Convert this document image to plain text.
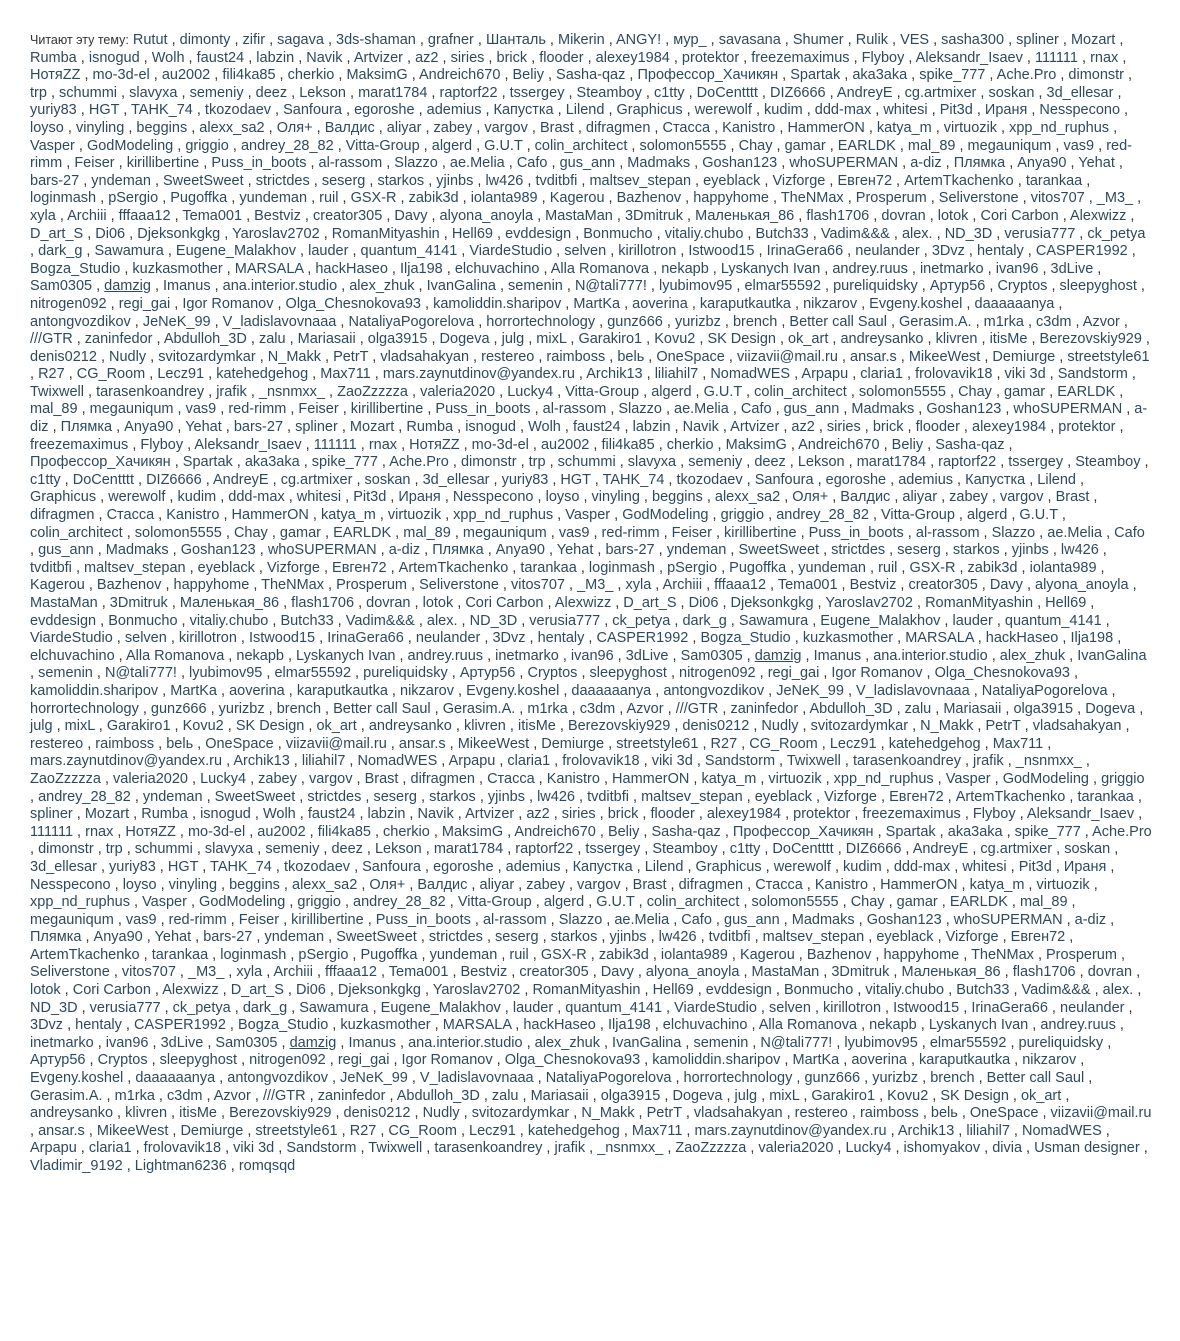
Читают эту тему: Rutut , dimonty , zifir , sagava , 3ds-shaman , grafner , Шанталь , Mikerin , ANGY! , мур_ , savasana , Shumer , Rulik , VES , sasha300 , spliner , Mozart , Rumba , isnogud , Wolh , faust24 , labzin , Navik , Artvizer , az2 , siries , brick , flooder , alexey1984 , protektor , freezemaximus , Flyboy , Aleksandr_Isaev , 111111 , rnax , НотяZZ , mo-3d-el , au2002 , fili4ka85 , cherkio , MaksimG , Andreich670 , Beliy , Sasha-qaz , Профессор_Хачикян , Spartak , aka3aka , spike_777 , Ache.Pro , dimonstr , trp , schummi , slavyxa , semeniy , deez , Lekson , marat1784 , raptorf22 , tssergey , Steamboy , c1tty , DoCentttt , DIZ6666 , AndreyE , cg.artmixer , soskan , 3d_ellesar , yuriy83 , HGT , TAHK_74 , tkozodaev , Sanfoura , egoroshe , ademius , Капустка , Lilend , Graphicus , werewolf , kudim , ddd-max , whitesi , Pit3d , Ираня , Nesspecono , loyso , vinyling , beggins , alexx_sa2 , Оля+ , Валдис , aliyar , zabey , vargov , Brast , difragmen , Стасса , Kanistro , HammerON , katya_m , virtuozik , xpp_nd_ruphus , Vasper , GodModeling , griggio , andrey_28_82 , Vitta-Group , algerd , G.U.T , colin_architect , solomon5555 , Chay , gamar , EARLDK , mal_89 , megauniqum , vas9 , red-rimm , Feiser , kirillibertine , Puss_in_boots , al-rassom , Slazzo , ae.Melia , Cafo , gus_ann , Madmaks , Goshan123 , whoSUPERMAN , a-diz , Плямка , Anya90 , Yehat , bars-27 , yndeman , SweetSweet , strictdes , seserg , starkos , yjinbs , lw426 , tvditbfi , maltsev_stepan , eyeblack , Vizforge , Евген72 , ArtemTkachenko , tarankaa , loginmash , pSergio , Pugoffka , yundeman , ruil , GSX-R , zabik3d , iolanta989 , Kagerou , Bazhenov , happyhome , TheNMax , Prosperum , Seliverstone , vitos707 , _M3_ , xyla , Archiii , fffaaa12 , Tema001 , Bestviz , creator305 , Davy , alyona_anoyla , MastaMan , 3Dmitruk , Маленькая_86 , flash1706 , dovran , lotok , Cori Carbon , Alexwizz , D_art_S , Di06 , Djeksonkgkg , Yaroslav2702 , RomanMityashin , Hell69 , evddesign , Bonmucho , vitaliy.chubo , Butch33 , Vadim&&& , alex. , ND_3D , verusia777 , ck_petya , dark_g , Sawamura , Eugene_Malakhov , lauder , quantum_4141 , ViardeStudio , selven , kirillotron , Istwood15 , IrinaGera66 , neulander , 3Dvz , hentaly , CASPER1992 , Bogza_Studio , kuzkasmother , MARSALA , hackHaseo , Ilja198 , elchuvachino , Alla Romanova , nekapb , Lyskanych Ivan , andrey.ruus , inetmarko , ivan96 , 3dLive , Sam0305 , damzig , Imanus , ana.interior.studio , alex_zhuk , IvanGalina , semenin , N@tali777! , lyubimov95 , elmar55592 , pureliquidsky , Артур56 , Cryptos , sleepyghost , nitrogen092 , regi_gai , Igor Romanov , Olga_Chesnokova93 , kamoliddin.sharipov , MartKa , aoverina , karaputkautka , nikzarov , Evgeny.koshel , daaaaaanya , antongvozdikov , JeNeK_99 , V_ladislavovnaaa , NataliyaPogorelova , horrortechnology , gunz666 , yurizbz , brench , Better call Saul , Gerasim.A. , m1rka , c3dm , Azvor , ///GTR , zaninfedor , Abdulloh_3D , zalu , Mariasaii , olga3915 , Dogeva , julg , mixL , Garakiro1 , Kovu2 , SK Design , ok_art , andreysanko , klivren , itisMe , Berezovskiy929 , denis0212 , Nudly , svitozardymkar , N_Makk , PetrT , vladsahakyan , restereo , raimboss , belь , OneSpace , viizavii@mail.ru , ansar.s , MikeeWest , Demiurge , streetstyle61 , R27 , CG_Room , Lecz91 , katehedgehog , Max711 , mars.zaynutdinov@yandex.ru , Archik13 , liliahil7 , NomadWES , Arpapu , claria1 , frolovavik18 , viki 3d , Sandstorm , Twixwell , tarasenkoandrey , jrafik , _nsnmxx_ , ZaoZzzzza , valeria2020 , Lucky4 , Vitta-Group , algerd , G.U.T , colin_architect , solomon5555 , Chay , gamar , EARLDK , mal_89 , megauniqum , vas9 , red-rimm , Feiser , kirillibertine , Puss_in_boots , al-rassom , Slazzo , ae.Melia , Cafo , gus_ann , Madmaks , Goshan123 , whoSUPERMAN , a-diz , Плямка , Anya90 , Yehat , bars-27 , spliner , Mozart , Rumba , isnogud , Wolh , faust24 , labzin , Navik , Artvizer , az2 , siries , brick , flooder , alexey1984 , protektor , freezemaximus , Flyboy , Aleksandr_Isaev , 111111 , rnax , НотяZZ , mo-3d-el , au2002 , fili4ka85 , cherkio , MaksimG , Andreich670 , Beliy , Sasha-qaz , Профессор_Хачикян , Spartak , aka3aka , spike_777 , Ache.Pro , dimonstr , trp , schummi , slavyxa , semeniy , deez , Lekson , marat1784 , raptorf22 , tssergey , Steamboy , c1tty , DoCentttt , DIZ6666 , AndreyE , cg.artmixer , soskan , 3d_ellesar , yuriy83 , HGT , TAHK_74 , tkozodaev , Sanfoura , egoroshe , ademius , Капустка , Lilend , Graphicus , werewolf , kudim , ddd-max , whitesi , Pit3d , Ираня , Nesspecono , loyso , vinyling , beggins , alexx_sa2 , Оля+ , Валдис , aliyar , zabey , vargov , Brast , difragmen , Стасса , Kanistro , HammerON , katya_m , virtuozik , xpp_nd_ruphus , Vasper , GodModeling , griggio , andrey_28_82 , Vitta-Group , algerd , G.U.T , colin_architect , solomon5555 , Chay , gamar , EARLDK , mal_89 , megauniqum , vas9 , red-rimm , Feiser , kirillibertine , Puss_in_boots , al-rassom , Slazzo , ae.Melia , Cafo , gus_ann , Madmaks , Goshan123 , whoSUPERMAN , a-diz , Плямка , Anya90 , Yehat , bars-27 , yndeman , SweetSweet , strictdes , seserg , starkos , yjinbs , lw426 , tvditbfi , maltsev_stepan , eyeblack , Vizforge , Евген72 , ArtemTkachenko , tarankaa , loginmash , pSergio , Pugoffka , yundeman , ruil , GSX-R , zabik3d , iolanta989 , Kagerou , Bazhenov , happyhome , TheNMax , Prosperum , Seliverstone , vitos707 , _M3_ , xyla , Archiii , fffaaa12 , Tema001 , Bestviz , creator305 , Davy , alyona_anoyla , MastaMan , 3Dmitruk , Маленькая_86 , flash1706 , dovran , lotok , Cori Carbon , Alexwizz , D_art_S , Di06 , Djeksonkgkg , Yaroslav2702 , RomanMityashin , Hell69 , evddesign , Bonmucho , vitaliy.chubo , Butch33 , Vadim&&& , alex. , ND_3D , verusia777 , ck_petya , dark_g , Sawamura , Eugene_Malakhov , lauder , quantum_4141 , ViardeStudio , selven , kirillotron , Istwood15 , IrinaGera66 , neulander , 3Dvz , hentaly , CASPER1992 , Bogza_Studio , kuzkasmother , MARSALA , hackHaseo , Ilja198 , elchuvachino , Alla Romanova , nekapb , Lyskanych Ivan , andrey.ruus , inetmarko , ivan96 , 3dLive , Sam0305 , damzig , Imanus , ana.interior.studio , alex_zhuk , IvanGalina , semenin , N@tali777! , lyubimov95 , elmar55592 , pureliquidsky , Артур56 , Cryptos , sleepyghost , nitrogen092 , regi_gai , Igor Romanov , Olga_Chesnokova93 , kamoliddin.sharipov , MartKa , aoverina , karaputkautka , nikzarov , Evgeny.koshel , daaaaaanya , antongvozdikov , JeNeK_99 , V_ladislavovnaaa , NataliyaPogorelova , horrortechnology , gunz666 , yurizbz , brench , Better call Saul , Gerasim.A. , m1rka , c3dm , Azvor , ///GTR , zaninfedor , Abdulloh_3D , zalu , Mariasaii , olga3915 , Dogeva , julg , mixL , Garakiro1 , Kovu2 , SK Design , ok_art , andreysanko , klivren , itisMe , Berezovskiy929 , denis0212 , Nudly , svitozardymkar , N_Makk , PetrT , vladsahakyan , restereo , raimboss , belь , OneSpace , viizavii@mail.ru , ansar.s , MikeeWest , Demiurge , streetstyle61 , R27 , CG_Room , Lecz91 , katehedgehog , Max711 , mars.zaynutdinov@yandex.ru , Archik13 , liliahil7 , NomadWES , Arpapu , claria1 , frolovavik18 , viki 3d , Sandstorm , Twixwell , tarasenkoandrey , jrafik , _nsnmxx_ , ZaoZzzzza , valeria2020 , Lucky4 , zabey , vargov , Brast , difragmen , Стасса , Kanistro , HammerON , katya_m , virtuozik , xpp_nd_ruphus , Vasper , GodModeling , griggio , andrey_28_82 , yndeman , SweetSweet , strictdes , seserg , starkos , yjinbs , lw426 , tvditbfi , maltsev_stepan , eyeblack , Vizforge , Евген72 , ArtemTkachenko , tarankaa , spliner , Mozart , Rumba , isnogud , Wolh , faust24 , labzin , Navik , Artvizer , az2 , siries , brick , flooder , alexey1984 , protektor , freezemaximus , Flyboy , Aleksandr_Isaev , 111111 , rnax , НотяZZ , mo-3d-el , au2002 , fili4ka85 , cherkio , MaksimG , Andreich670 , Beliy , Sasha-qaz , Профессор_Хачикян , Spartak , aka3aka , spike_777 , Ache.Pro , dimonstr , trp , schummi , slavyxa , semeniy , deez , Lekson , marat1784 , raptorf22 , tssergey , Steamboy , c1tty , DoCentttt , DIZ6666 , AndreyE , cg.artmixer , soskan , 3d_ellesar , yuriy83 , HGT , TAHK_74 , tkozodaev , Sanfoura , egoroshe , ademius , Капустка , Lilend , Graphicus , werewolf , kudim , ddd-max , whitesi , Pit3d , Ираня , Nesspecono , loyso , vinyling , beggins , alexx_sa2 , Оля+ , Валдис , aliyar , zabey , vargov , Brast , difragmen , Стасса , Kanistro , HammerON , katya_m , virtuozik , xpp_nd_ruphus , Vasper , GodModeling , griggio , andrey_28_82 , Vitta-Group , algerd , G.U.T , colin_architect , solomon5555 , Chay , gamar , EARLDK , mal_89 , megauniqum , vas9 , red-rimm , Feiser , kirillibertine , Puss_in_boots , al-rassom , Slazzo , ae.Melia , Cafo , gus_ann , Madmaks , Goshan123 , whoSUPERMAN , a-diz , Плямка , Anya90 , Yehat , bars-27 , yndeman , SweetSweet , strictdes , seserg , starkos , yjinbs , lw426 , tvditbfi , maltsev_stepan , eyeblack , Vizforge , Евген72 , ArtemTkachenko , tarankaa , loginmash , pSergio , Pugoffka , yundeman , ruil , GSX-R , zabik3d , iolanta989 , Kagerou , Bazhenov , happyhome , TheNMax , Prosperum , Seliverstone , vitos707 , _M3_ , xyla , Archiii , fffaaa12 , Tema001 , Bestviz , creator305 , Davy , alyona_anoyla , MastaMan , 3Dmitruk , Маленькая_86 , flash1706 , dovran , lotok , Cori Carbon , Alexwizz , D_art_S , Di06 , Djeksonkgkg , Yaroslav2702 , RomanMityashin , Hell69 , evddesign , Bonmucho , vitaliy.chubo , Butch33 , Vadim&&& , alex. , ND_3D , verusia777 , ck_petya , dark_g , Sawamura , Eugene_Malakhov , lauder , quantum_4141 , ViardeStudio , selven , kirillotron , Istwood15 , IrinaGera66 , neulander , 3Dvz , hentaly , CASPER1992 , Bogza_Studio , kuzkasmother , MARSALA , hackHaseo , Ilja198 , elchuvachino , Alla Romanova , nekapb , Lyskanych Ivan , andrey.ruus , inetmarko , ivan96 , 3dLive , Sam0305 , damzig , Imanus , ana.interior.studio , alex_zhuk , IvanGalina , semenin , N@tali777! , lyubimov95 , elmar55592 , pureliquidsky , Артур56 , Cryptos , sleepyghost , nitrogen092 , regi_gai , Igor Romanov , Olga_Chesnokova93 , kamoliddin.sharipov , MartKa , aoverina , karaputkautka , nikzarov , Evgeny.koshel , daaaaaanya , antongvozdikov , JeNeK_99 , V_ladislavovnaaa , NataliyaPogorelova , horrortechnology , gunz666 , yurizbz , brench , Better call Saul , Gerasim.A. , m1rka , c3dm , Azvor , ///GTR , zaninfedor , Abdulloh_3D , zalu , Mariasaii , olga3915 , Dogeva , julg , mixL , Garakiro1 , Kovu2 , SK Design , ok_art , andreysanko , klivren , itisMe , Berezovskiy929 , denis0212 , Nudly , svitozardymkar , N_Makk , PetrT , vladsahakyan , restereo , raimboss , belь , OneSpace , viizavii@mail.ru , ansar.s , MikeeWest , Demiurge , streetstyle61 , R27 , CG_Room , Lecz91 , katehedgehog , Max711 , mars.zaynutdinov@yandex.ru , Archik13 , liliahil7 , NomadWES , Arpapu , claria1 , frolovavik18 , viki 3d , Sandstorm , Twixwell , tarasenkoandrey , jrafik , _nsnmxx_ , ZaoZzzzza , valeria2020 , Lucky4 , ishomyakov , divia , Usman designer , Vladimir_9192 , Lightman6236 , romqsqd
